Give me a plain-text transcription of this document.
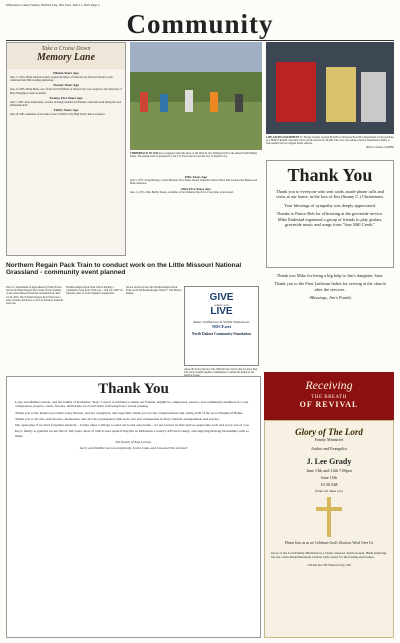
McKenzie County Farmer, Watford City, ND, Wed. June 11, 2025 Page 4
Community
Take a Cruise Down
Memory Lane
Fifteen Years Ago
June 17, 2010...Brent Sanford recently stopped the Mayor of Watford City. Paul and Vivian Lowell celebrated their 60th wedding anniversary.
Twenty Years Ago
June 15, 2005...Brian Burns, son of Paul and Vicki Burns of Watford City was accepted to the University of Mary Emerging Leaders Academy.
Twenty Five Years Ago
June 7, 1995...Ross Krumwiede, a former exchange student from Finland, visited the week during the Lion Rattlesnake Roll.
Thirty Years Ago
June 18, 1985...Members of the Senior Class of Watford City High School held a reception.
TIMBERBACK TO 2014 Area youngsters lined the shore of the Watford City Fishing Pond for the annual Youth Fishing Derby. The annual event is sponsored by the U.S. Forest Service and the City of Watford City.
Fifty Years Ago
June 5, 1975...Doug Heiting, Conrad Huckner, Fred Tuzler, Randy Samuelson, Bruce Field, Kim Garam, Paul Hanson and Mark Anderson.
Fifty Five Years Ago
June 11, 1970...Mrs. Bertha Treuen, a member of the Lutheran church for a long time, was honored.
LIFE-SAVING EQUIPMENT TC Energy recently donated $10,000 to the Keene Rural Fire Department for the purchase of a HURST Rodent. Operated Cabot was the sale kit for $4,999. The color will enhance the fire department's ability to free patients who are trapped inside vehicles.
(Photo Courtesy of ARFD)
Thank You

Thank you to everyone who sent cards, made phone calls and visits at our home, in the loss of Jim (Jimmy C.) Christensen.

Your blessings of sympathy was deeply appreciated.

Thanks to Pastor Rob for officiating at the graveside service. Mike Endestad organized a group of friends to play guitars, graveside music and songs from "Saw Mill Creek."

Thank you Mike for being a big help to Jim's daughter, Sara.

Thank you to the First Lutheran ladies for serving at the church after the services.

-Blessings, Jim's Family

Northern Regain Pack Train to conduct work on the Little Missouri National Grassland - community event planned
The U.S. Department of Agriculture's (USDA) Forest Service Northern Region Pack Train will be working on the Little Missouri National Grassland from June 13-16, 2025. The Northern Region Pack Train uses a team of mules and horses to pack in transport materials and tools.
Northern Region Pack Train will be holding a community event from 10:00 a.m. - 2:00 p.m. MST on Saturday, June 14 at the Summit Campground.
We are excited to have the Northern Region Pack Train on the McKenzie Ranger District," said District Ranger.
About the Forest Service: The USDA Forest Service has for more than 100 years brought together communities to sustain the health of our
GIVE
where you
LIVE
Make a Difference in YOUR Hometown!
NDCF.net
North Dakota Community Foundation
Thank You

Larry and Debbie Larson, and the family of Katherine "Kay" Larson would like to thank our friends, neighbors, employees, pastors, and community members for your compassion, prayers, cards, flowers, memorials, food and visits following Kay's recent passing.

Thank you to the hospice providers Gary Rustan, and her caregivers, and especially thank you for the compassionate and caring staff of the Good Shepherd Home.

Thank you to all who sent flowers, memorials, and all who participated with such care and compassion in Kay's funeral arrangements and service.

Our apologies if we have forgotten anybody - it truly takes a village to send our loved ones home - we are forever in debt and we appreciate each and every one of you.

Kay's family is grateful for her life of 100 years, most of which were spent living life in McKenzie County's 4-H and County, and enjoying lifelong friendships with so many.

The family of Kay Larson,

Larry and Debbie Larson and family, Loren Lunk, and Lisa and Tim Gerlach

Receiving
THE BREATH
OF REVIVAL
Glory of The Lord
Family Ministries
Author and Evangelist
J. Lee Grady
June 13th and 14th 7:00pm
June 15th
10:30 AM
(Note: all times est.)
Please Join us as we Celebrate God's Glorious Word Over Us
Glory of the Lord Family Ministries is a Christ centered, Spirit-Gospel, Bible believing. We are a Non-Denominational Church with a heart for the hurting and broken.
118 4th Ave NE Watford City, ND
